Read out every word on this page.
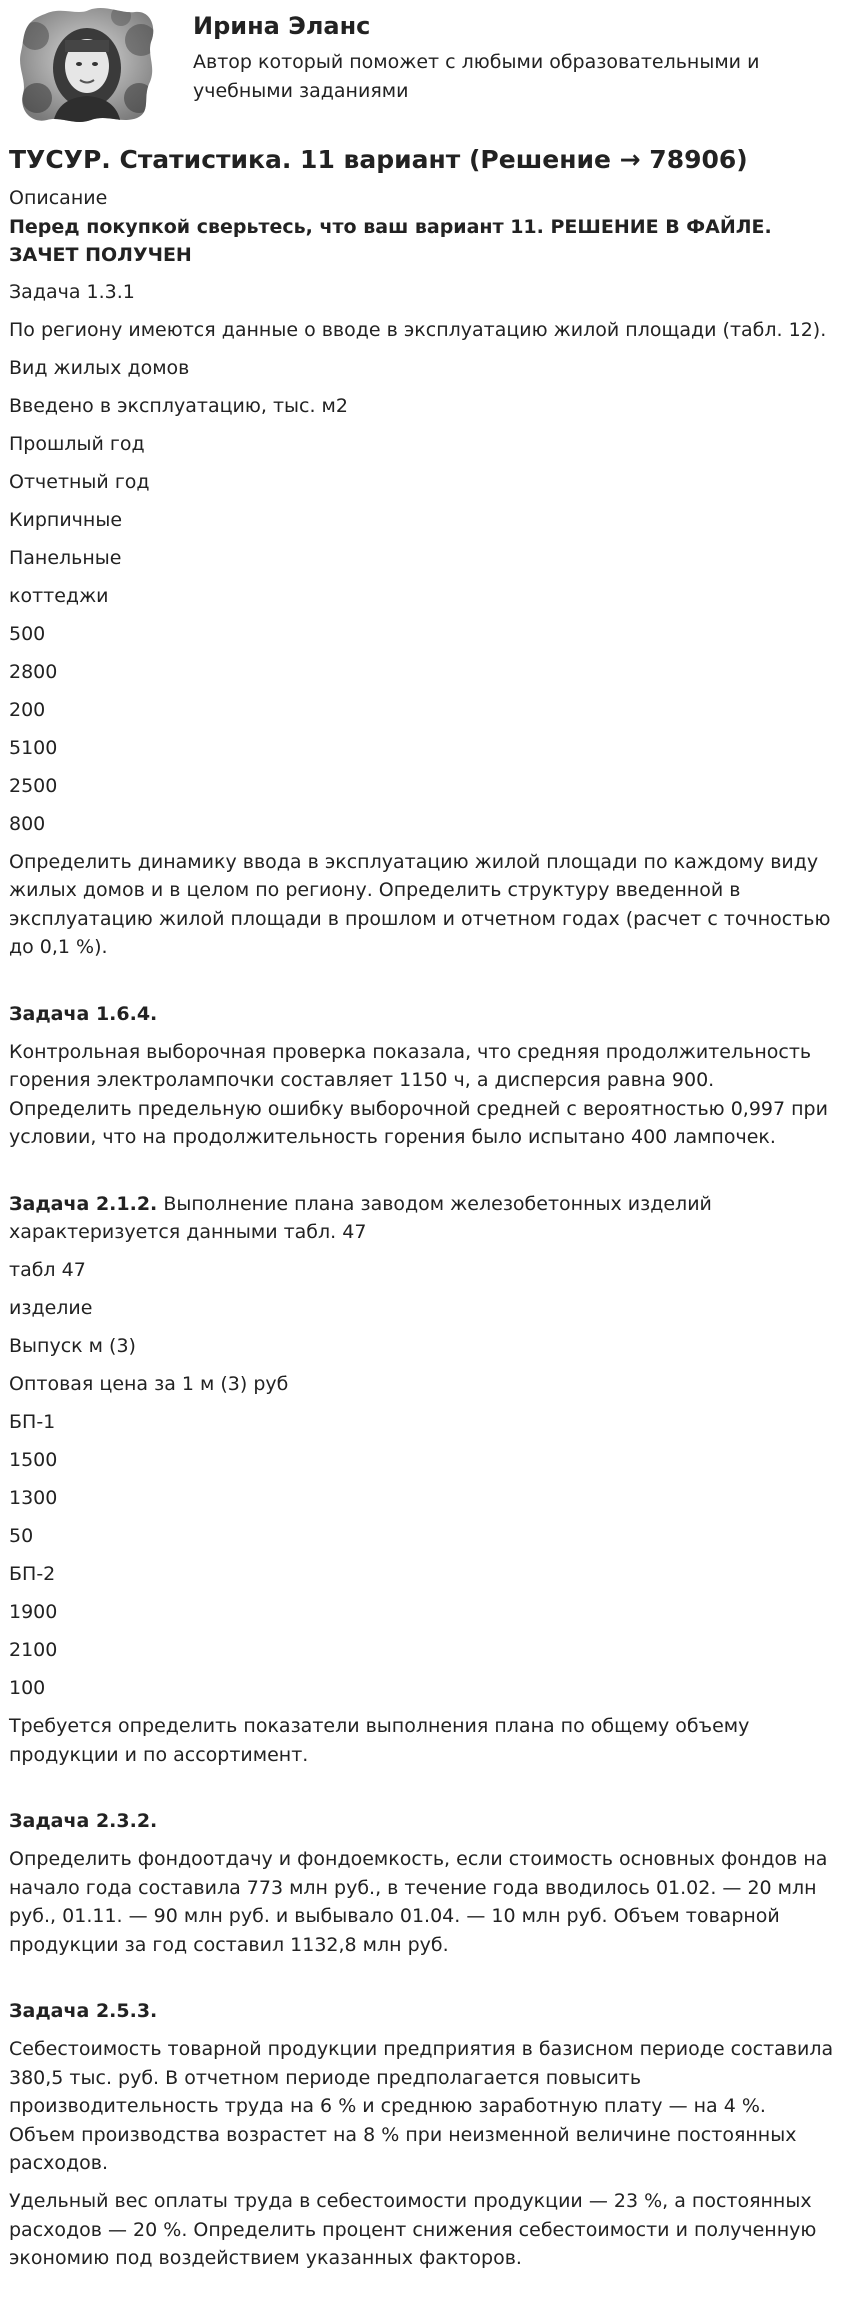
Ирина Эланс
Автор который поможет с любыми образовательными и учебными заданиями
ТУСУР. Статистика. 11 вариант (Решение → 78906)
Описание
Перед покупкой сверьтесь, что ваш вариант 11. РЕШЕНИЕ В ФАЙЛЕ. ЗАЧЕТ ПОЛУЧЕН

Задача 1.3.1

По региону имеются данные о вводе в эксплуатацию жилой площади (табл. 12).

Вид жилых домов

Введено в эксплуатацию, тыс. м2

Прошлый год

Отчетный год

Кирпичные

Панельные

коттеджи

500

2800

200

5100

2500

800

Определить динамику ввода в эксплуатацию жилой площади по каждому виду жилых домов и в целом по региону. Определить структуру введенной в эксплуатацию жилой площади в прошлом и отчетном годах (расчет с точностью до 0,1 %).

Задача 1.6.4.

Контрольная выборочная проверка показала, что средняя продолжительность горения электролампочки составляет 1150 ч, а дисперсия равна 900. Определить предельную ошибку выборочной средней с вероятностью 0,997 при условии, что на продолжительность горения было испытано 400 лампочек.

Задача 2.1.2. Выполнение плана заводом железобетонных изделий характеризуется данными табл. 47

табл 47

изделие

Выпуск м (3)

Оптовая цена за 1 м (3) руб

БП-1

1500

1300

50

БП-2

1900

2100

100

Требуется определить показатели выполнения плана по общему объему продукции и по ассортимент.

Задача 2.3.2.

Определить фондоотдачу и фондоемкость, если стоимость основных фондов на начало года составила 773 млн руб., в течение года вводилось 01.02. — 20 млн руб., 01.11. — 90 млн руб. и выбывало 01.04. — 10 млн руб. Объем товарной продукции за год составил 1132,8 млн руб.

Задача 2.5.3.

Себестоимость товарной продукции предприятия в базисном периоде составила 380,5 тыс. руб. В отчетном периоде предполагается повысить производительность труда на 6 % и среднюю заработную плату — на 4 %. Объем производства возрастет на 8 % при неизменной величине постоянных расходов.

Удельный вес оплаты труда в себестоимости продукции — 23 %, а постоянных расходов — 20 %. Определить процент снижения себестоимости и полученную экономию под воздействием указанных факторов.
